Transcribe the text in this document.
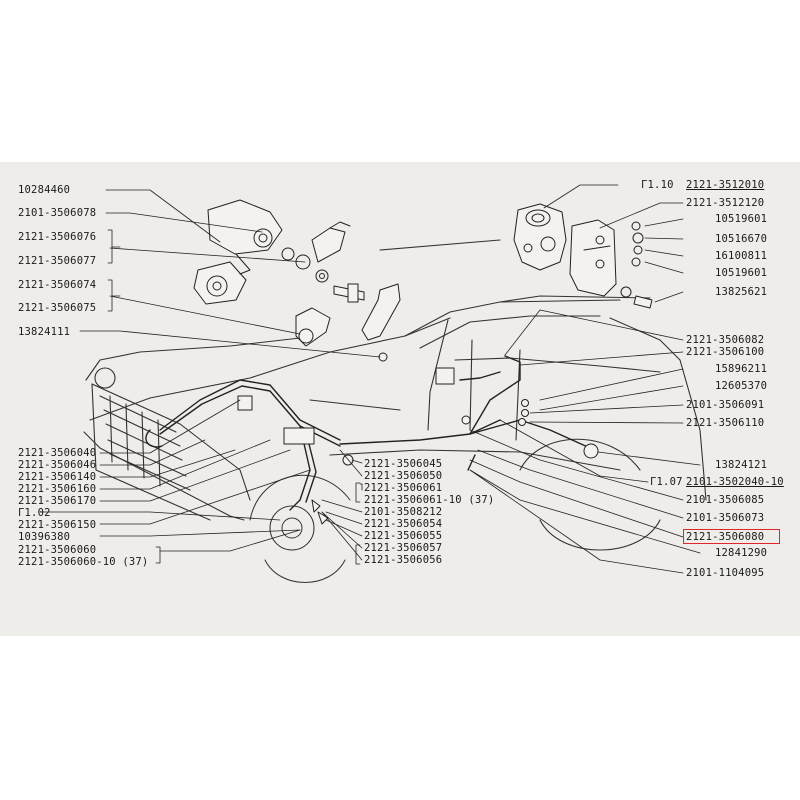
10284460
2101-3506078
2121-3506076
2121-3506077
2121-3506074
2121-3506075
13824111
2121-3506040
2121-3506046
2121-3506140
2121-3506160
2121-3506170
Г1.02
2121-3506150
10396380
2121-3506060
2121-3506060-10 (37)
2121-3506045
2121-3506050
2121-3506061
2121-3506061-10 (37)
2101-3508212
2121-3506054
2121-3506055
2121-3506057
2121-3506056
Г1.10 2121-3512010
2121-3512120
10519601
10516670
16100811
10519601
13825621
2121-3506082
2121-3506100
15896211
12605370
2101-3506091
2121-3506110
13824121
Г1.07 2101-3502040-10
2101-3506085
2101-3506073
2121-3506080
12841290
2101-1104095
